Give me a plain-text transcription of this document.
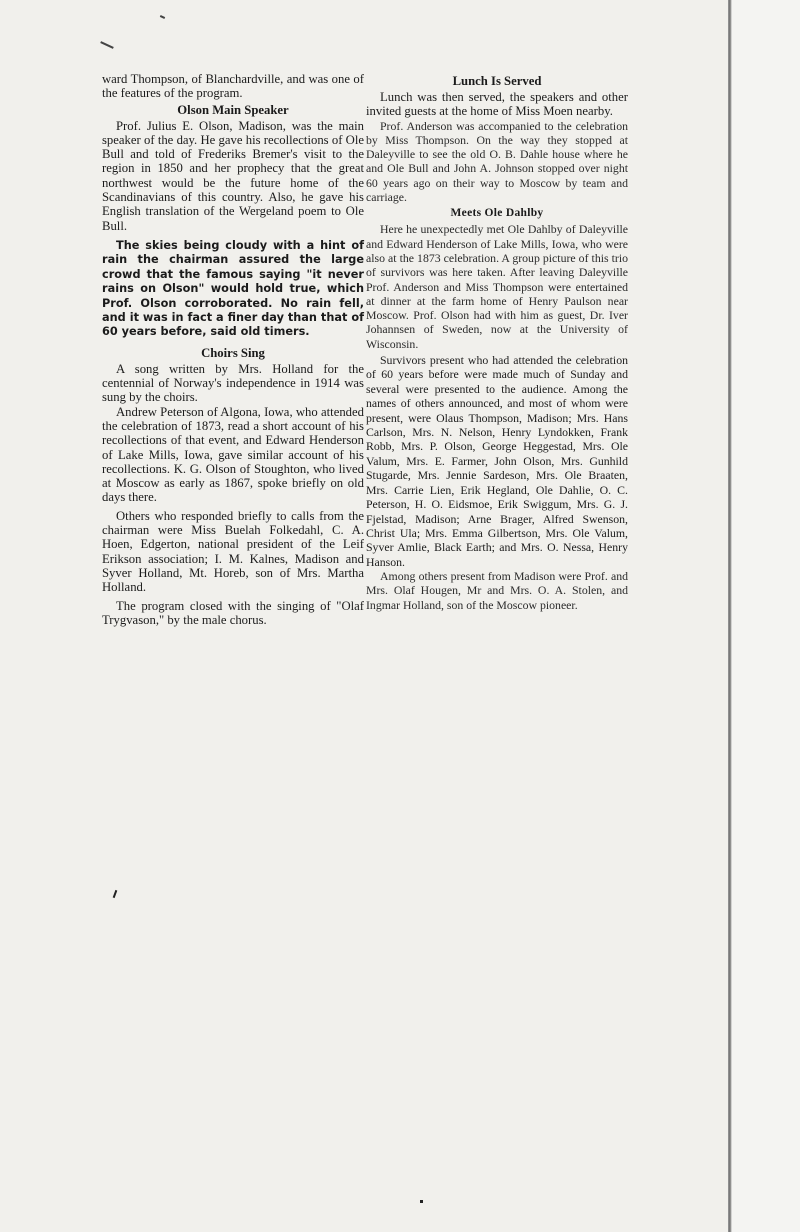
ward Thompson, of Blanchardville, and was one of the features of the program.

Olson Main Speaker

Prof. Julius E. Olson, Madison, was the main speaker of the day. He gave his recollections of Ole Bull and told of Frederiks Bremer's visit to the region in 1850 and her prophecy that the great northwest would be the future home of the Scandinavians of this country. Also, he gave his English translation of the Wergeland poem to Ole Bull.

The skies being cloudy with a hint of rain the chairman assured the large crowd that the famous saying "it never rains on Olson" would hold true, which Prof. Olson corroborated. No rain fell, and it was in fact a finer day than that of 60 years before, said old timers.

Choirs Sing

A song written by Mrs. Holland for the centennial of Norway's independence in 1914 was sung by the choirs.

Andrew Peterson of Algona, Iowa, who attended the celebration of 1873, read a short account of his recollections of that event, and Edward Henderson of Lake Mills, Iowa, gave similar account of his recollections. K. G. Olson of Stoughton, who lived at Moscow as early as 1867, spoke briefly on old days there.

Others who responded briefly to calls from the chairman were Miss Buelah Folkedahl, C. A. Hoen, Edgerton, national president of the Leif Erikson association; I. M. Kalnes, Madison and Syver Holland, Mt. Horeb, son of Mrs. Martha Holland.

The program closed with the singing of "Olaf Trygvason," by the male chorus.

Lunch Is Served

Lunch was then served, the speakers and other invited guests at the home of Miss Moen nearby.

Prof. Anderson was accompanied to the celebration by Miss Thompson. On the way they stopped at Daleyville to see the old O. B. Dahle house where he and Ole Bull and John A. Johnson stopped over night 60 years ago on their way to Moscow by team and carriage.

Meets Ole Dahlby

Here he unexpectedly met Ole Dahlby of Daleyville and Edward Henderson of Lake Mills, Iowa, who were also at the 1873 celebration. A group picture of this trio of survivors was here taken. After leaving Daleyville Prof. Anderson and Miss Thompson were entertained at dinner at the farm home of Henry Paulson near Moscow. Prof. Olson had with him as guest, Dr. Iver Johannsen of Sweden, now at the University of Wisconsin.

Survivors present who had attended the celebration of 60 years before were made much of Sunday and several were presented to the audience. Among the names of others announced, and most of whom were present, were Olaus Thompson, Madison; Mrs. Hans Carlson, Mrs. N. Nelson, Henry Lyndokken, Frank Robb, Mrs. P. Olson, George Heggestad, Mrs. Ole Valum, Mrs. E. Farmer, John Olson, Mrs. Gunhild Stugarde, Mrs. Jennie Sardeson, Mrs. Ole Braaten, Mrs. Carrie Lien, Erik Hegland, Ole Dahlie, O. C. Peterson, H. O. Eidsmoe, Erik Swiggum, Mrs. G. J. Fjelstad, Madison; Arne Brager, Alfred Swenson, Christ Ula; Mrs. Emma Gilbertson, Mrs. Ole Valum, Syver Amlie, Black Earth; and Mrs. O. Nessa, Henry Hanson.

Among others present from Madison were Prof. and Mrs. Olaf Hougen, Mr and Mrs. O. A. Stolen, and Ingmar Holland, son of the Moscow pioneer.
